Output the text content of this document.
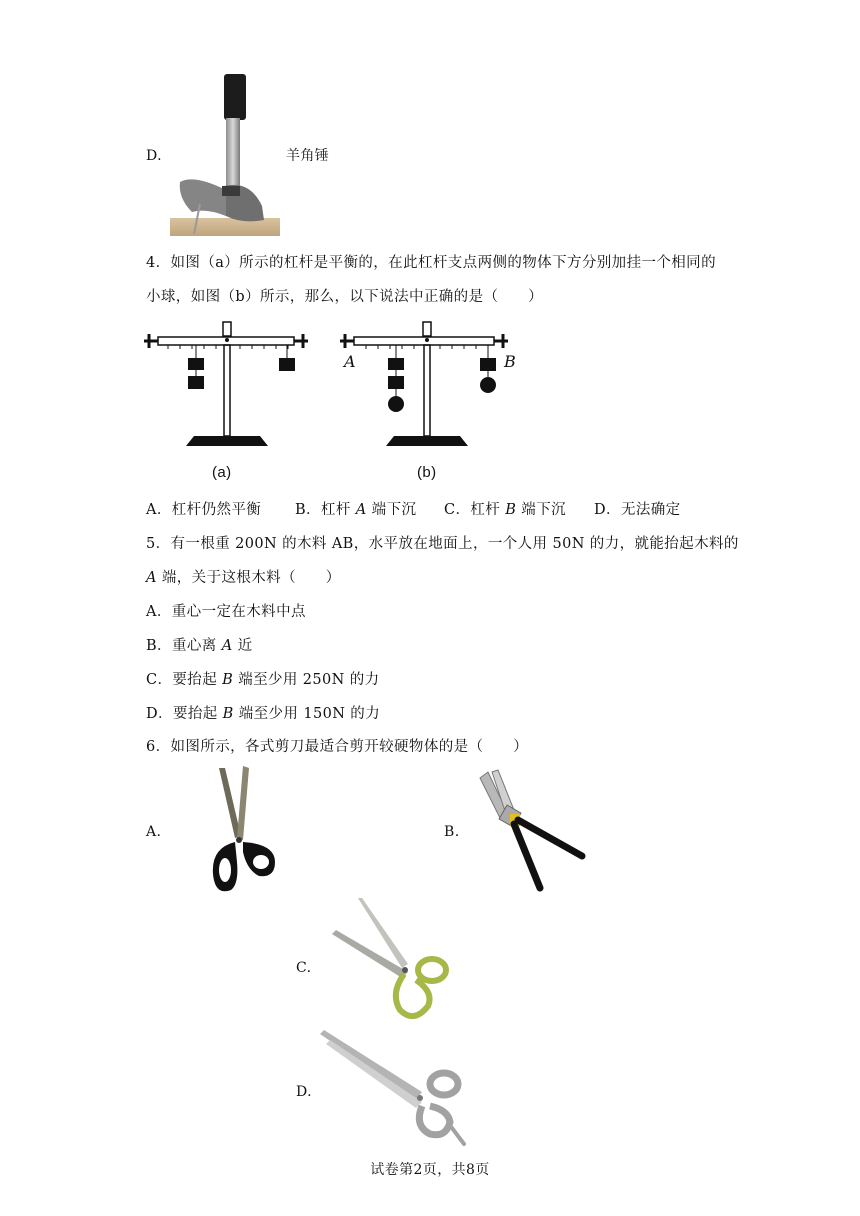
D.	羊角锤
4．如图（a）所示的杠杆是平衡的，在此杠杆支点两侧的物体下方分别加挂一个相同的
小球，如图（b）所示，那么，以下说法中正确的是（　　）
(a)
A	B
(b)
A．杠杆仍然平衡 B．杠杆 A 端下沉 C．杠杆 B 端下沉 D．无法确定
5．有一根重 200N 的木料 AB，水平放在地面上，一个人用 50N 的力，就能抬起木料的
A 端，关于这根木料（　　）
A．重心一定在木料中点
B．重心离 A 近
C．要抬起 B 端至少用 250N 的力
D．要抬起 B 端至少用 150N 的力
6．如图所示，各式剪刀最适合剪开较硬物体的是（　　）
A.	B.
C.
D.
试卷第2页，共8页
